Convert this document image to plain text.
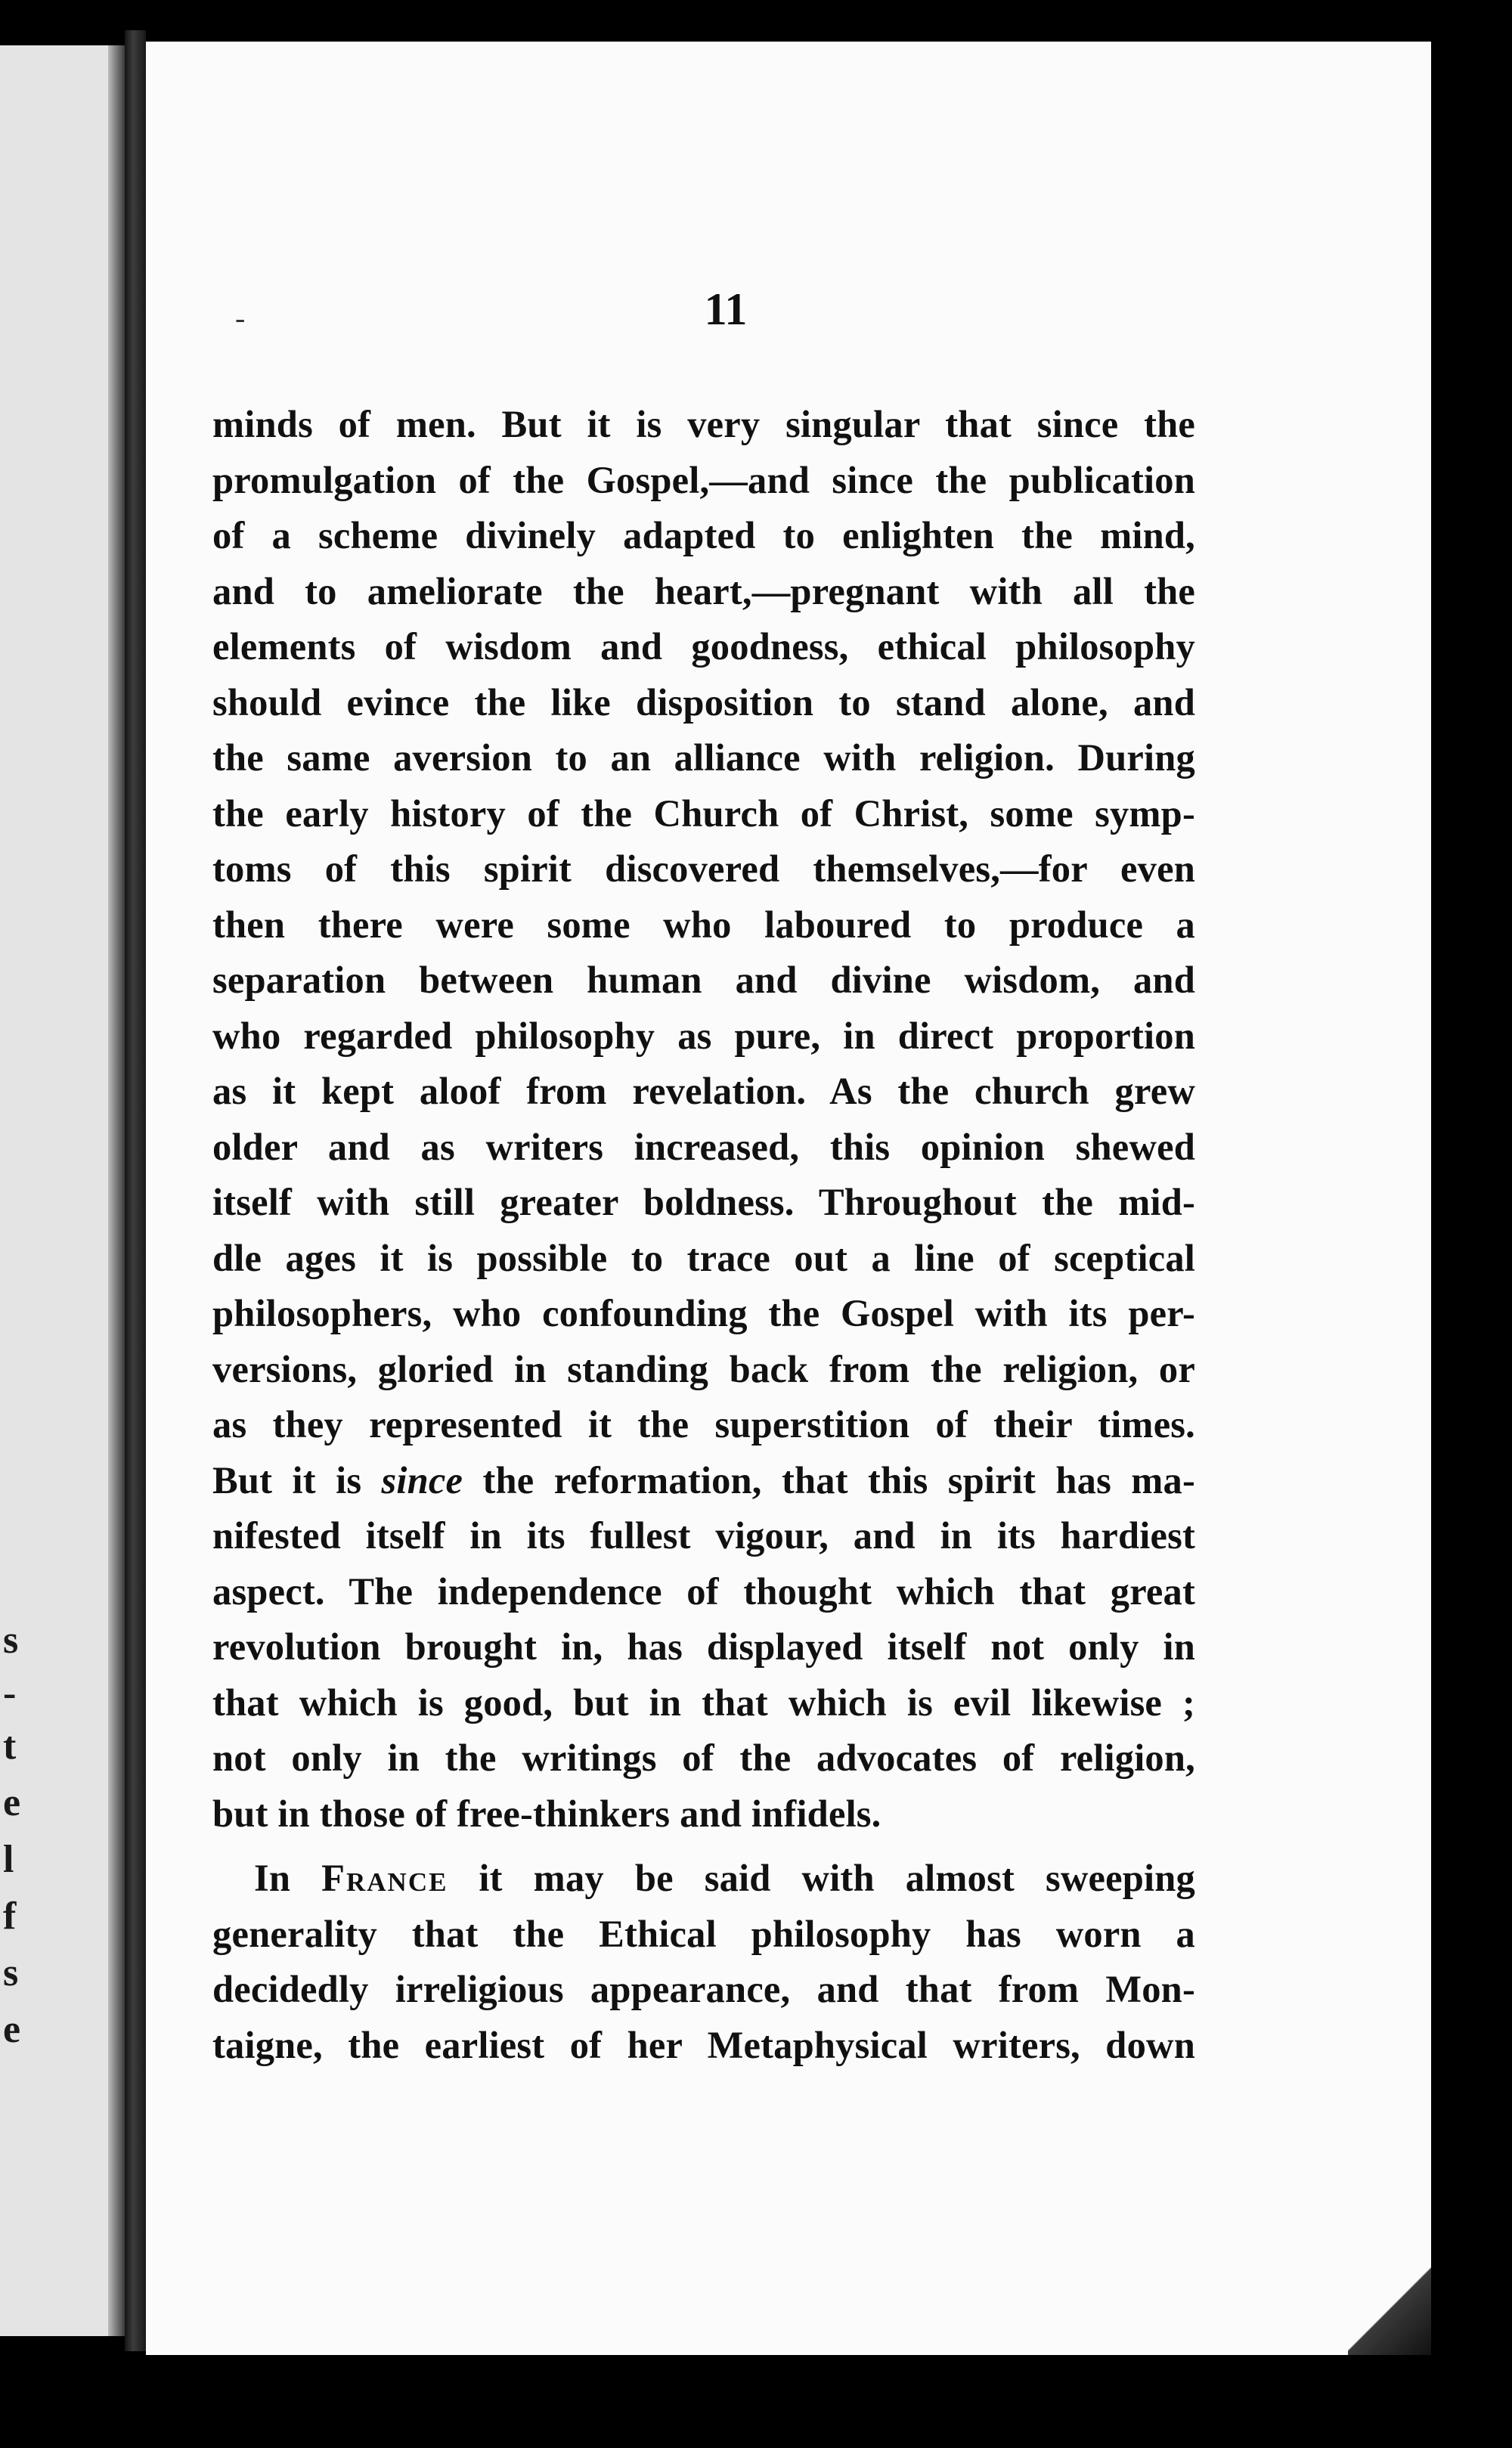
s
-
t
e
l
f
s
e
-	11
minds of men. But it is very singular that since the
promulgation of the Gospel,—and since the publication
of a scheme divinely adapted to enlighten the mind,
and to ameliorate the heart,—pregnant with all the
elements of wisdom and goodness, ethical philosophy
should evince the like disposition to stand alone, and
the same aversion to an alliance with religion. During
the early history of the Church of Christ, some symp-
toms of this spirit discovered themselves,—for even
then there were some who laboured to produce a
separation between human and divine wisdom, and
who regarded philosophy as pure, in direct proportion
as it kept aloof from revelation. As the church grew
older and as writers increased, this opinion shewed
itself with still greater boldness. Throughout the mid-
dle ages it is possible to trace out a line of sceptical
philosophers, who confounding the Gospel with its per-
versions, gloried in standing back from the religion, or
as they represented it the superstition of their times.
But it is since the reformation, that this spirit has ma-
nifested itself in its fullest vigour, and in its hardiest
aspect. The independence of thought which that great
revolution brought in, has displayed itself not only in
that which is good, but in that which is evil likewise ;
not only in the writings of the advocates of religion,
but in those of free-thinkers and infidels.
In France it may be said with almost sweeping
generality that the Ethical philosophy has worn a
decidedly irreligious appearance, and that from Mon-
taigne, the earliest of her Metaphysical writers, down
